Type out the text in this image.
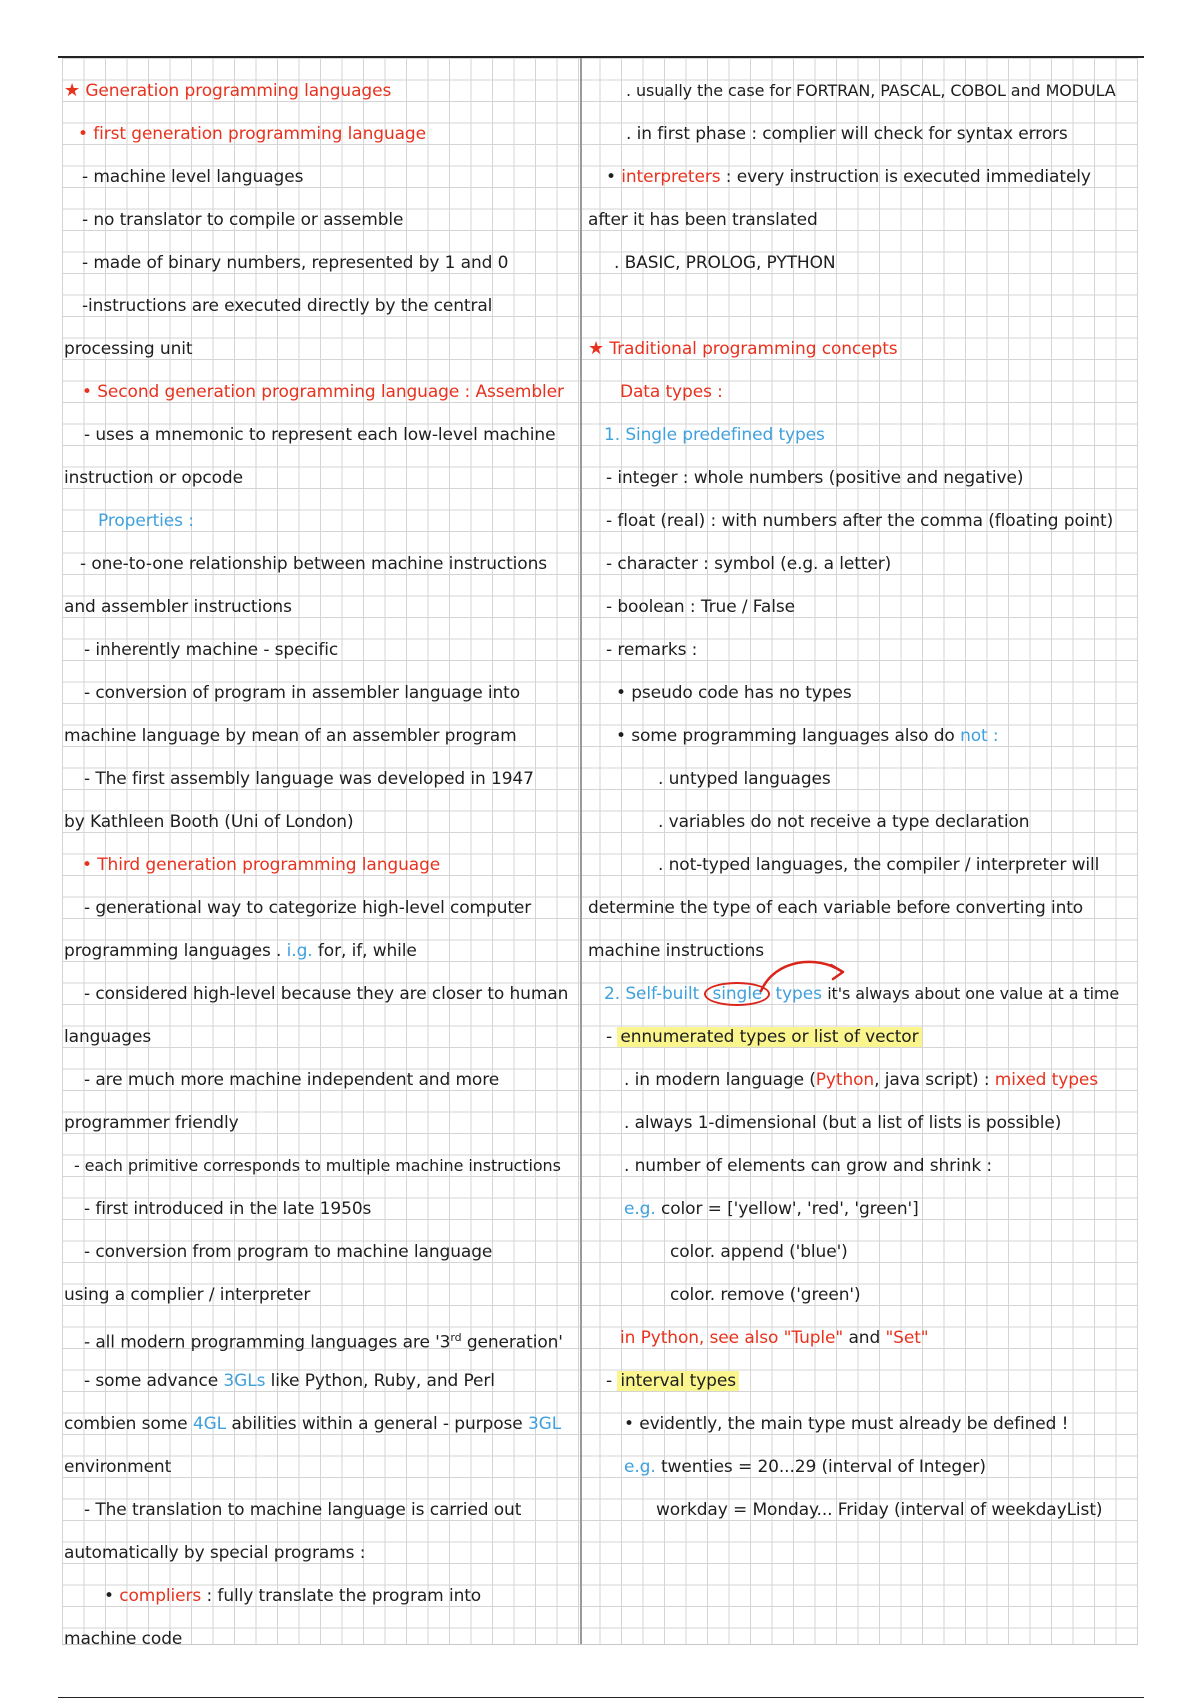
★ Generation programming languages
• first generation programming language
- machine level languages
- no translator to compile or assemble
- made of binary numbers, represented by 1 and 0
-instructions are executed directly by the central
processing unit
• Second generation programming language : Assembler
- uses a mnemonic to represent each low-level machine
instruction or opcode
Properties :
- one-to-one relationship between machine instructions
and assembler instructions
- inherently machine - specific
- conversion of program in assembler language into
machine language by mean of an assembler program
- The first assembly language was developed in 1947
by Kathleen Booth (Uni of London)
• Third generation programming language
- generational way to categorize high-level computer
programming languages . i.g. for, if, while
- considered high-level because they are closer to human
languages
- are much more machine independent and more
programmer friendly
- each primitive corresponds to multiple machine instructions
- first introduced in the late 1950s
- conversion from program to machine language
using a complier / interpreter
- all modern programming languages are '3rd generation'
- some advance 3GLs like Python, Ruby, and Perl
combien some 4GL abilities within a general - purpose 3GL
environment
- The translation to machine language is carried out
automatically by special programs :
• compliers : fully translate the program into
machine code
. usually the case for FORTRAN, PASCAL, COBOL and MODULA
. in first phase : complier will check for syntax errors
• interpreters : every instruction is executed immediately
after it has been translated
. BASIC, PROLOG, PYTHON
★ Traditional programming concepts
Data types :
1. Single predefined types
- integer : whole numbers (positive and negative)
- float (real) : with numbers after the comma (floating point)
- character : symbol (e.g. a letter)
- boolean : True / False
- remarks :
• pseudo code has no types
• some programming languages also do not :
. untyped languages
. variables do not receive a type declaration
. not-typed languages, the compiler / interpreter will
determine the type of each variable before converting into
machine instructions
2. Self-built single types it's always about one value at a time
- ennumerated types or list of vector
. in modern language (Python, java script) : mixed types
. always 1-dimensional (but a list of lists is possible)
. number of elements can grow and shrink :
e.g. color = ['yellow', 'red', 'green']
color. append ('blue')
color. remove ('green')
in Python, see also "Tuple" and "Set"
- interval types
• evidently, the main type must already be defined !
e.g. twenties = 20...29 (interval of Integer)
workday = Monday... Friday (interval of weekdayList)
